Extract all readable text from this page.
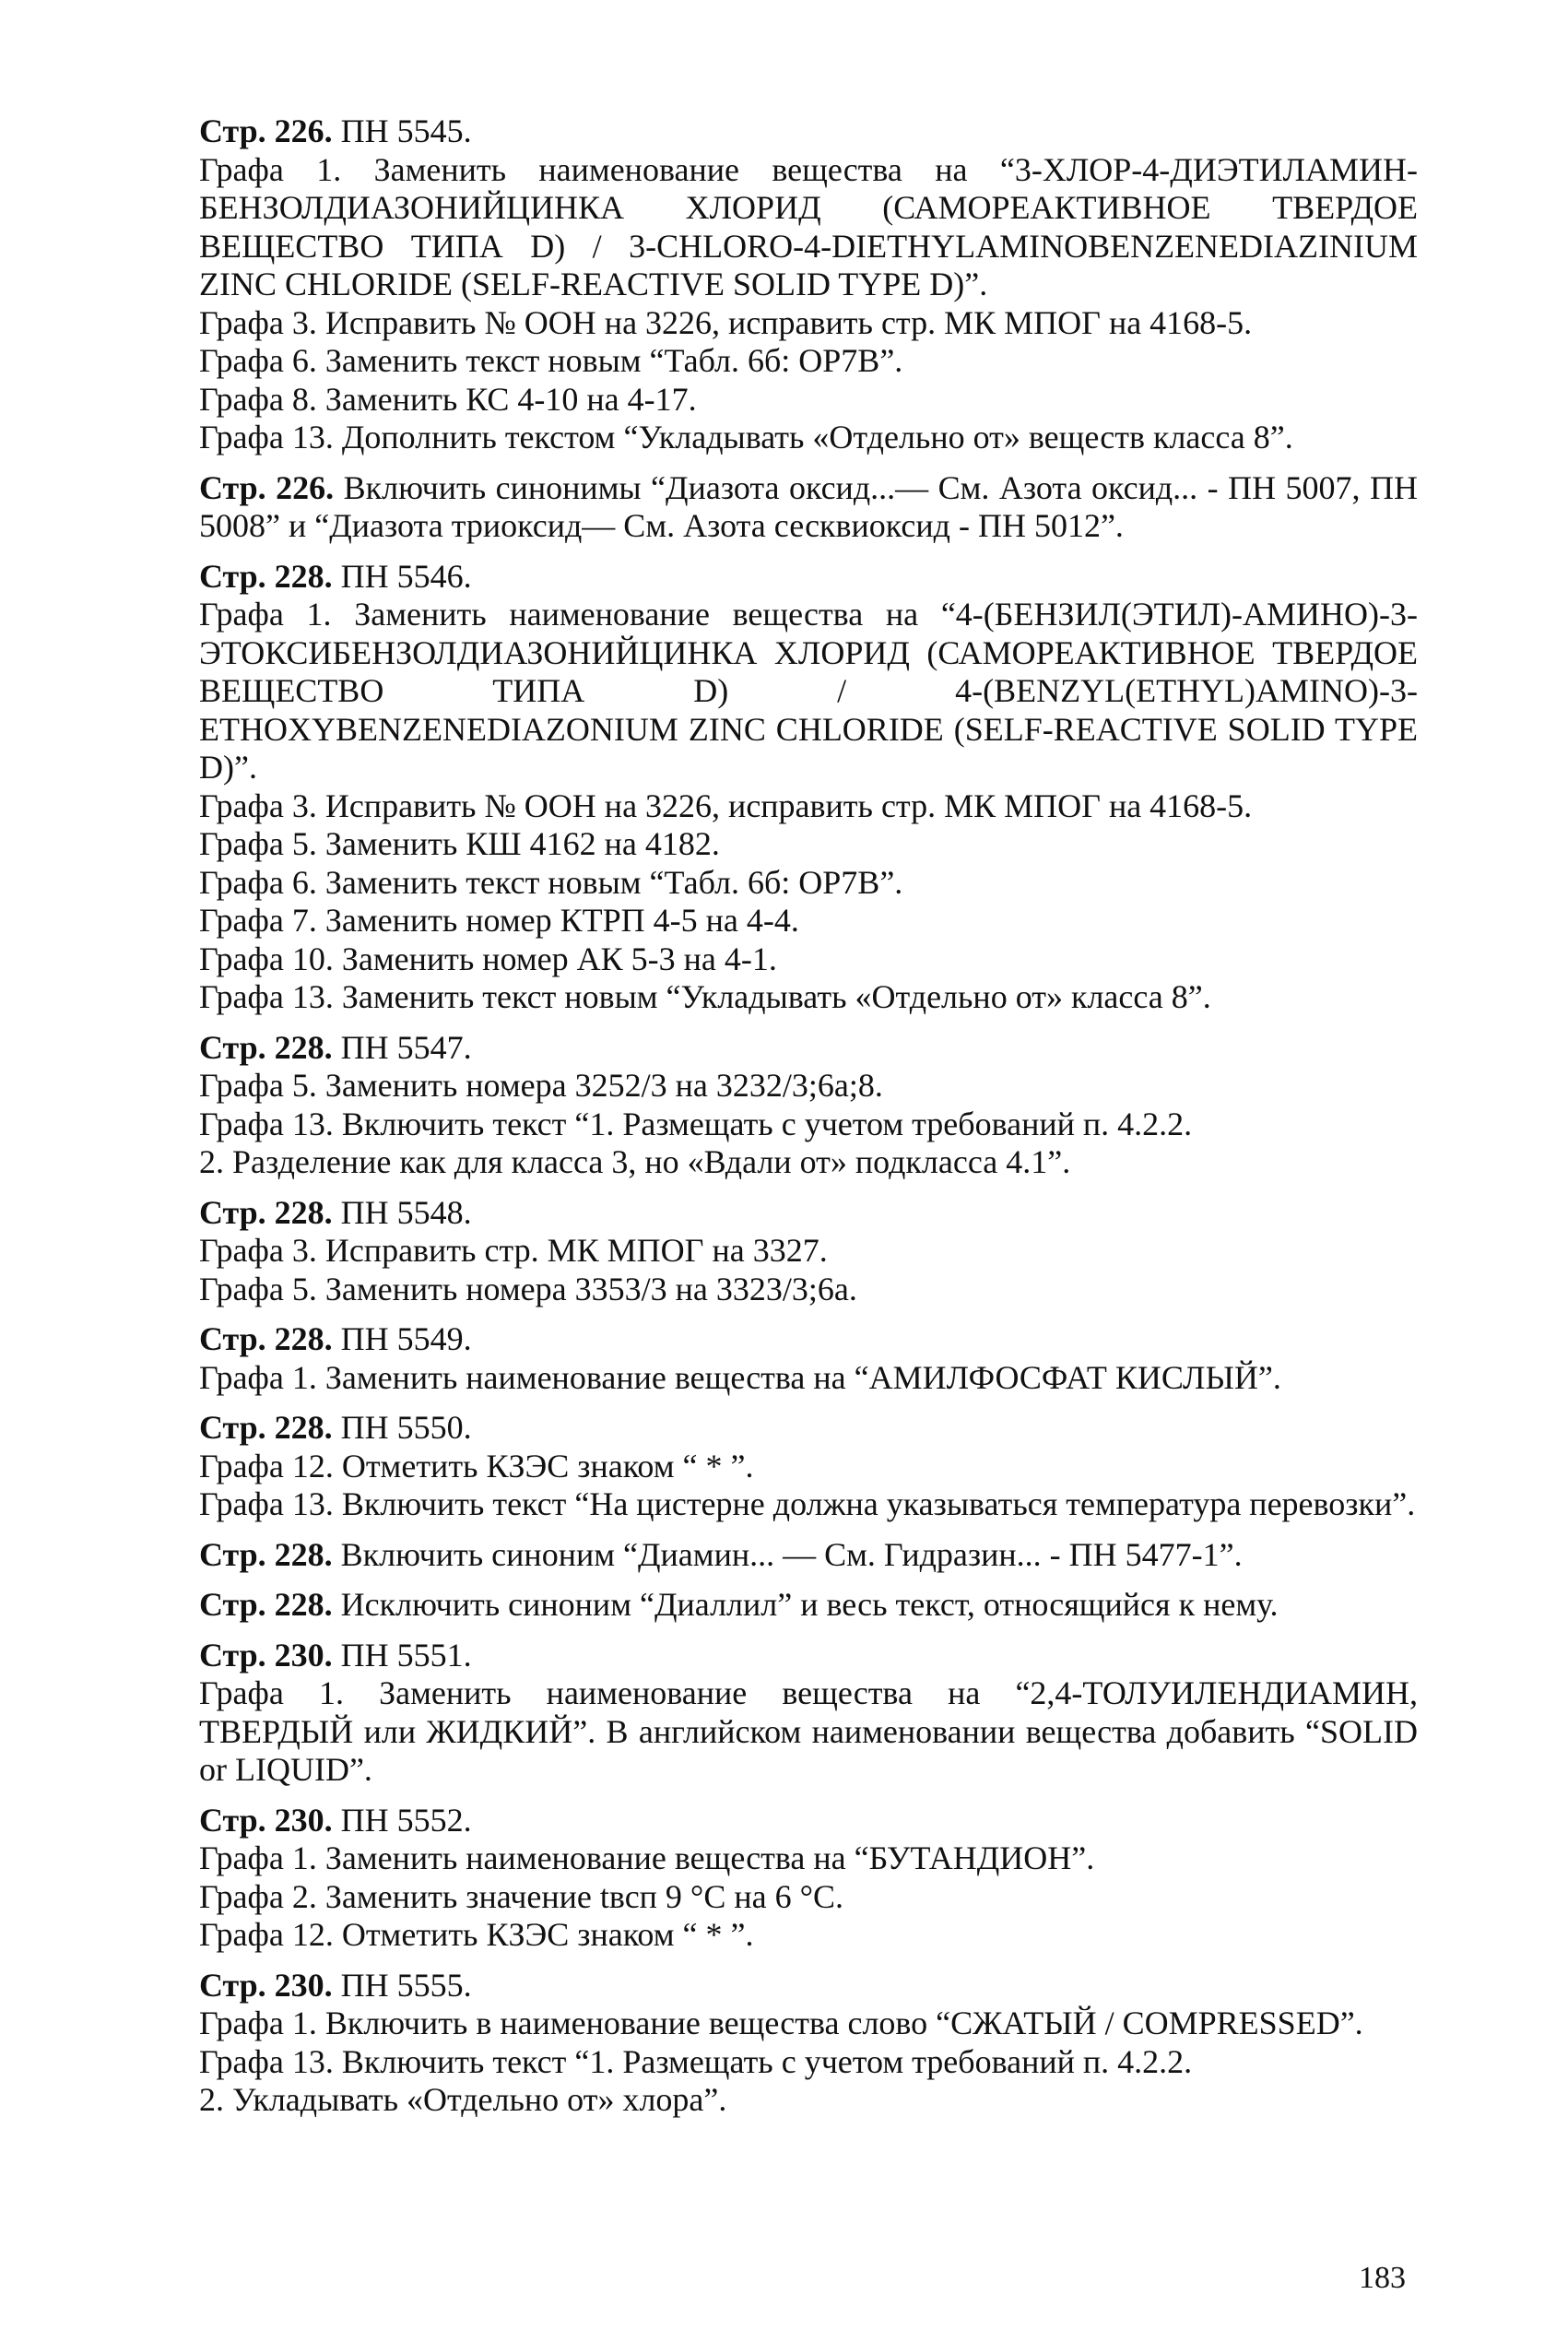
Стр. 226. ПН 5545.
Графа 1. Заменить наименование вещества на “3-ХЛОР-4-ДИЭТИЛАМИН-БЕНЗОЛДИАЗОНИЙЦИНКА ХЛОРИД (САМОРЕАКТИВНОЕ ТВЕРДОЕ ВЕЩЕСТВО ТИПА D) / 3-CHLORO-4-DIETHYLAMINOBENZENEDIAZINIUM ZINC CHLORIDE (SELF-REACTIVE SOLID TYPE D)”.
Графа 3. Исправить № ООН на 3226, исправить стр. МК МПОГ на 4168-5.
Графа 6. Заменить текст новым “Табл. 6б: OP7B”.
Графа 8. Заменить КС 4-10 на 4-17.
Графа 13. Дополнить текстом “Укладывать «Отдельно от» веществ класса 8”.
Стр. 226. Включить синонимы “Диазота оксид...— См. Азота оксид... - ПН 5007, ПН 5008” и “Диазота триоксид— См. Азота сесквиоксид - ПН 5012”.
Стр. 228. ПН 5546.
Графа 1. Заменить наименование вещества на “4-(БЕНЗИЛ(ЭТИЛ)-АМИНО)-3-ЭТОКСИБЕНЗОЛДИАЗОНИЙЦИНКА ХЛОРИД (САМОРЕАКТИВНОЕ ТВЕРДОЕ ВЕЩЕСТВО ТИПА D) / 4-(BENZYL(ETHYL)AMINO)-3-ETHOXYBENZENEDIAZONIUM ZINC CHLORIDE (SELF-REACTIVE SOLID TYPE D)”.
Графа 3. Исправить № ООН на 3226, исправить стр. МК МПОГ на 4168-5.
Графа 5. Заменить КШ 4162 на 4182.
Графа 6. Заменить текст новым “Табл. 6б: OP7B”.
Графа 7. Заменить номер КТРП 4-5 на 4-4.
Графа 10. Заменить номер АК 5-3 на 4-1.
Графа 13. Заменить текст новым “Укладывать «Отдельно от» класса 8”.
Стр. 228. ПН 5547.
Графа 5. Заменить номера 3252/3 на 3232/3;6а;8.
Графа 13. Включить текст “1. Размещать с учетом требований п. 4.2.2.
2. Разделение как для класса 3, но «Вдали от» подкласса 4.1”.
Стр. 228. ПН 5548.
Графа 3. Исправить стр. МК МПОГ на 3327.
Графа 5. Заменить номера 3353/3 на 3323/3;6а.
Стр. 228. ПН 5549.
Графа 1. Заменить наименование вещества на “АМИЛФОСФАТ КИСЛЫЙ”.
Стр. 228. ПН 5550.
Графа 12. Отметить КЗЭС знаком “ * ”.
Графа 13. Включить текст “На цистерне должна указываться температура перевозки”.
Стр. 228. Включить синоним “Диамин... — См. Гидразин... - ПН 5477-1”.
Стр. 228. Исключить синоним “Диаллил” и весь текст, относящийся к нему.
Стр. 230. ПН 5551.
Графа 1. Заменить наименование вещества на “2,4-ТОЛУИЛЕНДИАМИН, ТВЕРДЫЙ или ЖИДКИЙ”. В английском наименовании вещества добавить “SOLID or LIQUID”.
Стр. 230. ПН 5552.
Графа 1. Заменить наименование вещества на “БУТАНДИОН”.
Графа 2. Заменить значение tвсп 9 °С на 6 °С.
Графа 12. Отметить КЗЭС знаком “ * ”.
Стр. 230. ПН 5555.
Графа 1. Включить в наименование вещества слово “СЖАТЫЙ / COMPRESSED”.
Графа 13. Включить текст “1. Размещать с учетом требований п. 4.2.2.
2. Укладывать «Отдельно от» хлора”.
183
